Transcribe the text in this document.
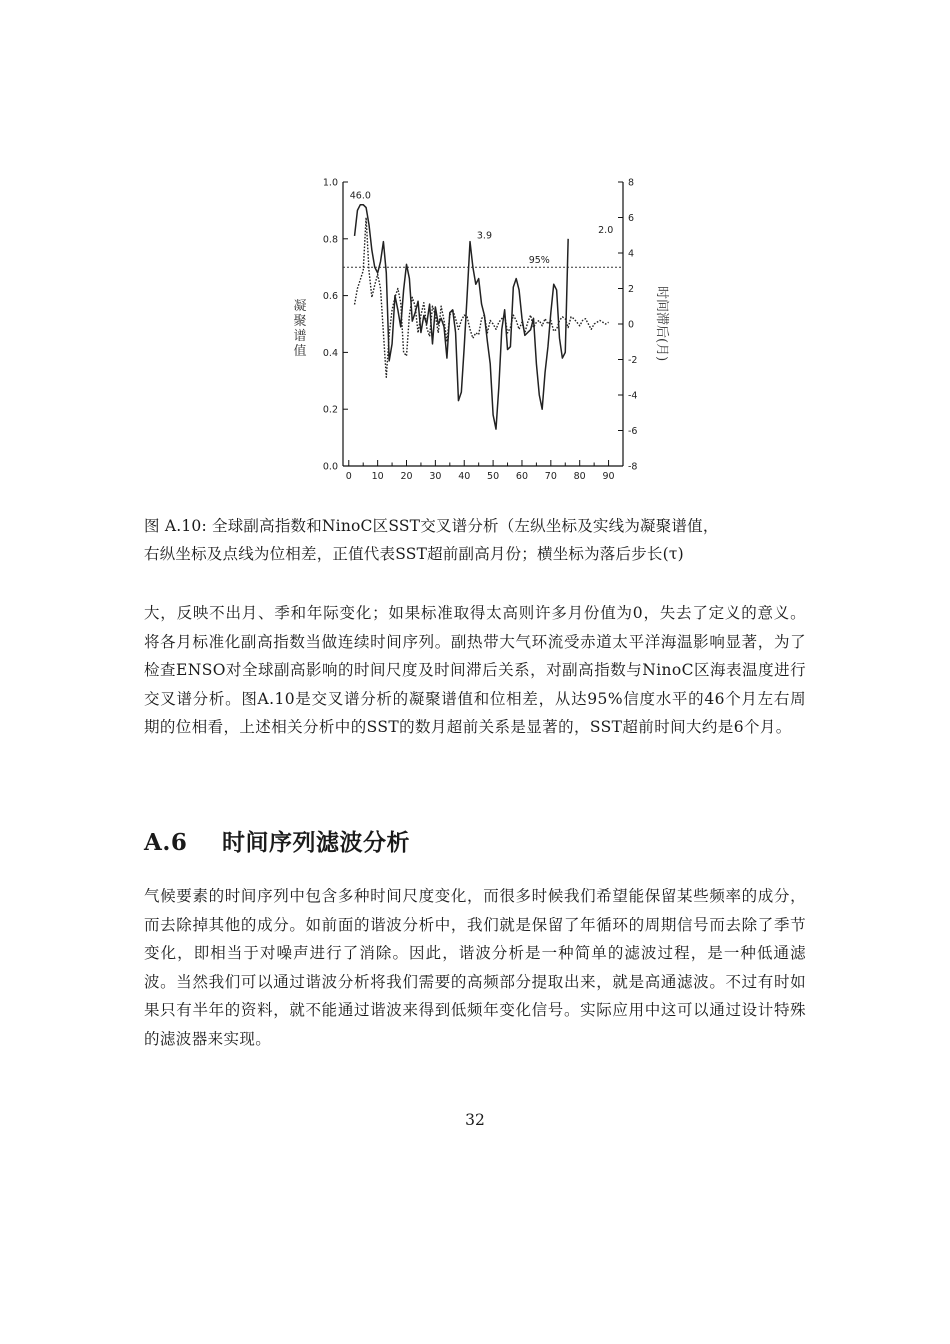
0.0
0.2
0.4
0.6
0.8
1.0
-8
-6
-4
-2
0
2
4
6
8
0 10 20 30 40 50 60 70 80 90
95%
46.0
3.9
2.0
凝
聚
谱
值	时间滞后(月)
图 A.10: 全球副高指数和NinoC区SST交叉谱分析（左纵坐标及实线为凝聚谱值，
右纵坐标及点线为位相差，正值代表SST超前副高月份；横坐标为落后步长(τ)
大，反映不出月、季和年际变化；如果标准取得太高则许多月份值为0，失去了定义的意义。将各月标准化副高指数当做连续时间序列。副热带大气环流受赤道太平洋海温影响显著，为了检查ENSO对全球副高影响的时间尺度及时间滞后关系，对副高指数与NinoC区海表温度进行交叉谱分析。图A.10是交叉谱分析的凝聚谱值和位相差，从达95%信度水平的46个月左右周期的位相看，上述相关分析中的SST的数月超前关系是显著的，SST超前时间大约是6个月。
A.6 时间序列滤波分析
气候要素的时间序列中包含多种时间尺度变化，而很多时候我们希望能保留某些频率的成分，而去除掉其他的成分。如前面的谐波分析中，我们就是保留了年循环的周期信号而去除了季节变化，即相当于对噪声进行了消除。因此，谐波分析是一种简单的滤波过程，是一种低通滤波。当然我们可以通过谐波分析将我们需要的高频部分提取出来，就是高通滤波。不过有时如果只有半年的资料，就不能通过谐波来得到低频年变化信号。实际应用中这可以通过设计特殊的滤波器来实现。
32
